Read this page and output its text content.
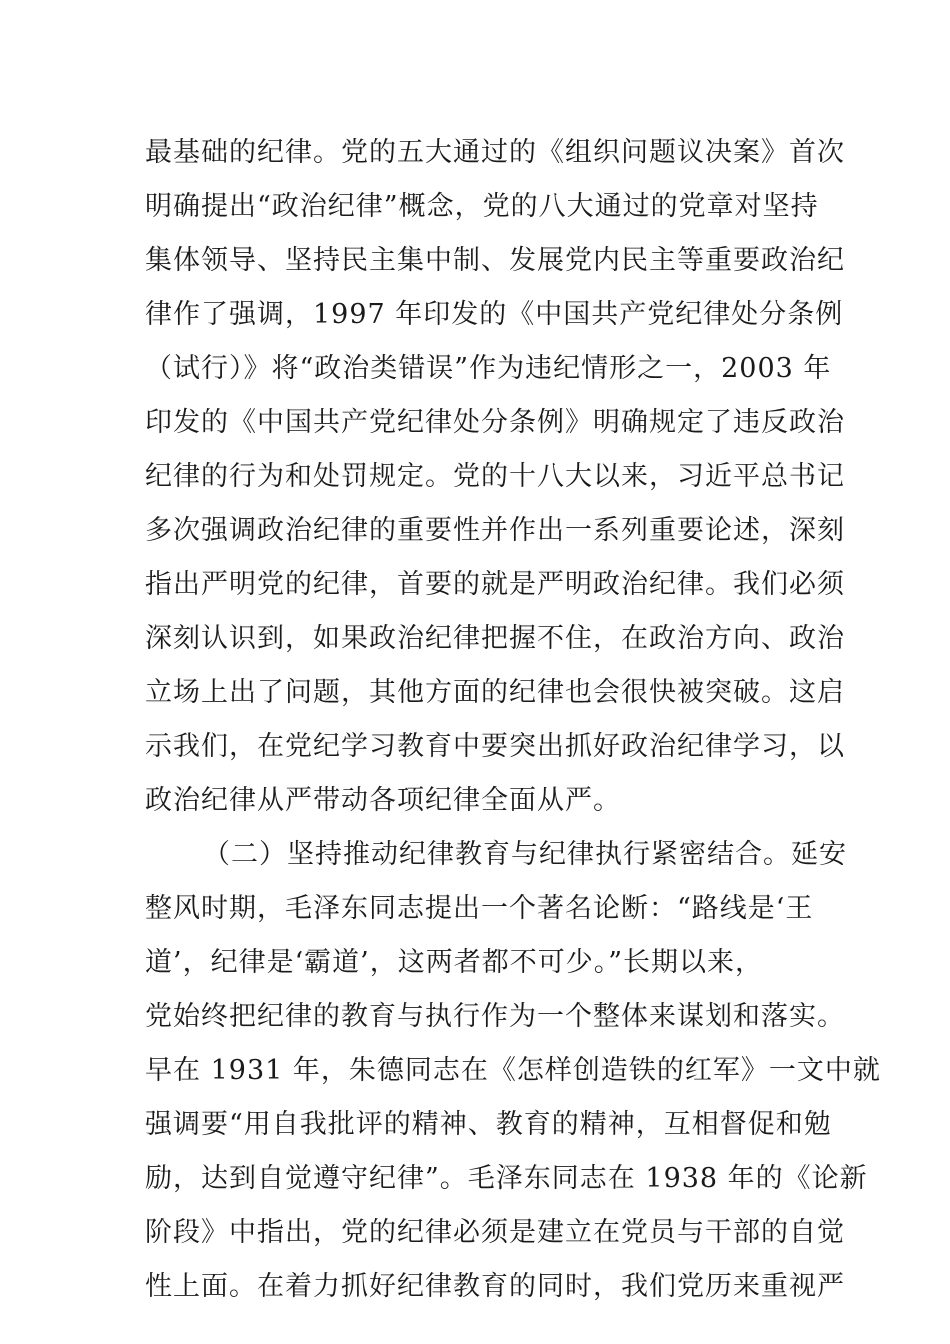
最基础的纪律。党的五大通过的《组织问题议决案》首次
明确提出“政治纪律”概念，党的八大通过的党章对坚持
集体领导、坚持民主集中制、发展党内民主等重要政治纪
律作了强调，1997 年印发的《中国共产党纪律处分条例
（试行）》将“政治类错误”作为违纪情形之一，2003 年
印发的《中国共产党纪律处分条例》明确规定了违反政治
纪律的行为和处罚规定。党的十八大以来，习近平总书记
多次强调政治纪律的重要性并作出一系列重要论述，深刻
指出严明党的纪律，首要的就是严明政治纪律。我们必须
深刻认识到，如果政治纪律把握不住，在政治方向、政治
立场上出了问题，其他方面的纪律也会很快被突破。这启
示我们，在党纪学习教育中要突出抓好政治纪律学习，以
政治纪律从严带动各项纪律全面从严。
（二）坚持推动纪律教育与纪律执行紧密结合。延安
整风时期，毛泽东同志提出一个著名论断：“路线是‘王
道’，纪律是‘霸道’，这两者都不可少。”长期以来，
党始终把纪律的教育与执行作为一个整体来谋划和落实。
早在 1931 年，朱德同志在《怎样创造铁的红军》一文中就
强调要“用自我批评的精神、教育的精神，互相督促和勉
励，达到自觉遵守纪律”。毛泽东同志在 1938 年的《论新
阶段》中指出，党的纪律必须是建立在党员与干部的自觉
性上面。在着力抓好纪律教育的同时，我们党历来重视严
